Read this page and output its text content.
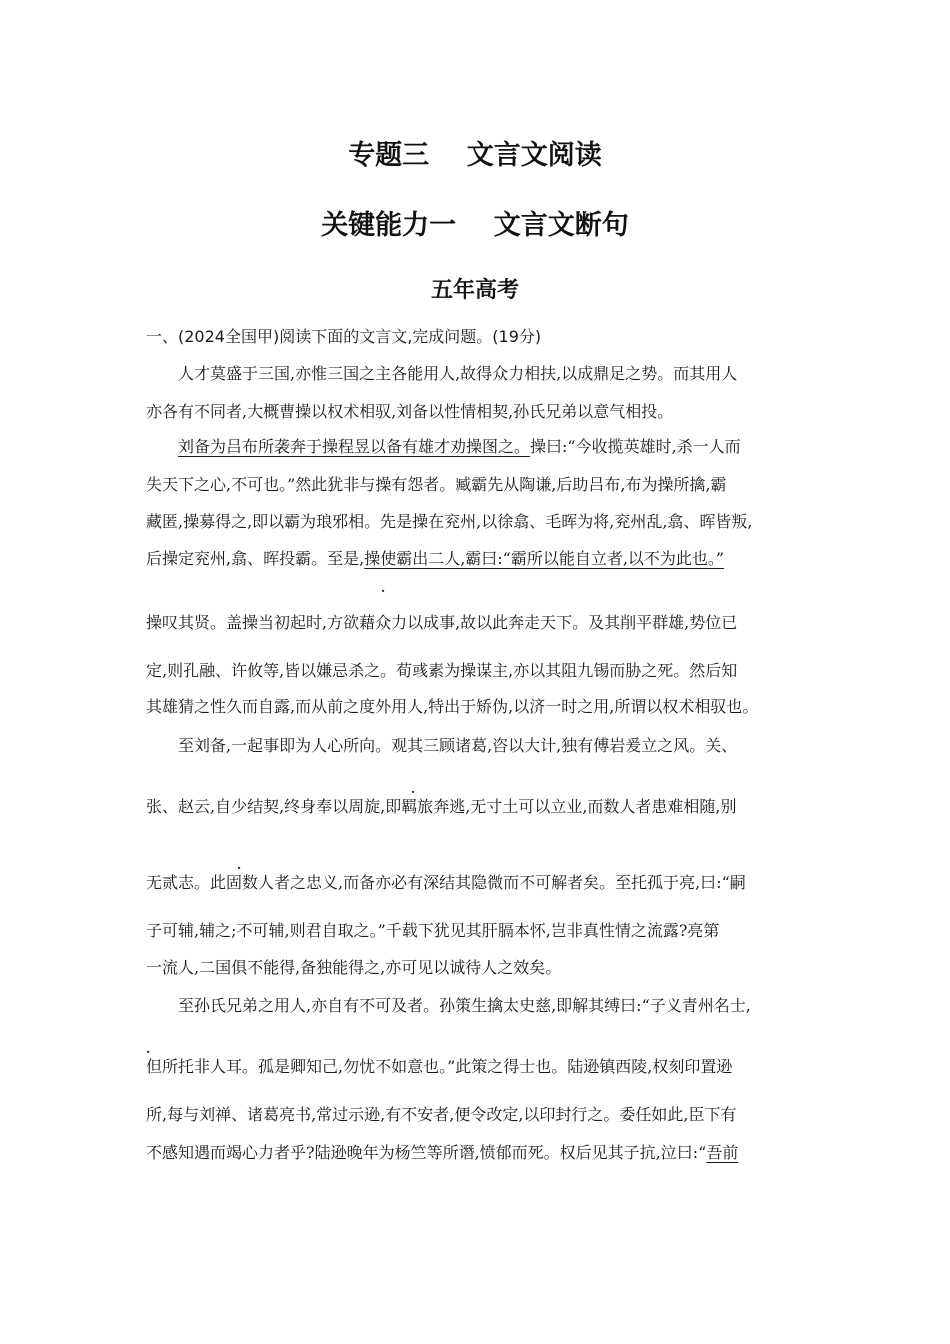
专题三    文言文阅读
关键能力一    文言文断句
五年高考

一、(2024全国甲)阅读下面的文言文,完成问题。(19分)

人才莫盛于三国,亦惟三国之主各能用人,故得众力相扶,以成鼎足之势。而其用人

亦各有不同者,大概曹操以权术相驭,刘备以性情相契,孙氏兄弟以意气相投。

刘备为吕布所袭奔于操程昱以备有雄才劝操图之。操曰:“今收揽英雄时,杀一人而

失天下之心,不可也。”然此犹非与操有怨者。臧霸先从陶谦,后助吕布,布为操所擒,霸

藏匿,操募得之,即以霸为琅邪相。先是操在兖州,以徐翕、毛晖为将,兖州乱,翕、晖皆叛,

后操定兖州,翕、晖投霸。至是,操使霸出二人,霸曰:“霸所以能自立者,以不为此也。”

.

操叹其贤。盖操当初起时,方欲藉众力以成事,故以此奔走天下。及其削平群雄,势位已

定,则孔融、许攸等,皆以嫌忌杀之。荀彧素为操谋主,亦以其阻九锡而胁之死。然后知

其雄猜之性久而自露,而从前之度外用人,特出于矫伪,以济一时之用,所谓以权术相驭也。

至刘备,一起事即为人心所向。观其三顾诸葛,咨以大计,独有傅岩爰立之风。关、

.

张、赵云,自少结契,终身奉以周旋,即羁旅奔逃,无寸土可以立业,而数人者患难相随,别

.

无贰志。此固数人者之忠义,而备亦必有深结其隐微而不可解者矣。至托孤于亮,曰:“嗣

子可辅,辅之;不可辅,则君自取之。”千载下犹见其肝膈本怀,岂非真性情之流露?亮第

一流人,二国俱不能得,备独能得之,亦可见以诚待人之效矣。

至孙氏兄弟之用人,亦自有不可及者。孙策生擒太史慈,即解其缚曰:“子义青州名士,

.

但所托非人耳。孤是卿知己,勿忧不如意也。”此策之得士也。陆逊镇西陵,权刻印置逊

所,每与刘禅、诸葛亮书,常过示逊,有不安者,便令改定,以印封行之。委任如此,臣下有

不感知遇而竭心力者乎?陆逊晚年为杨竺等所谮,愤郁而死。权后见其子抗,泣曰:“吾前
